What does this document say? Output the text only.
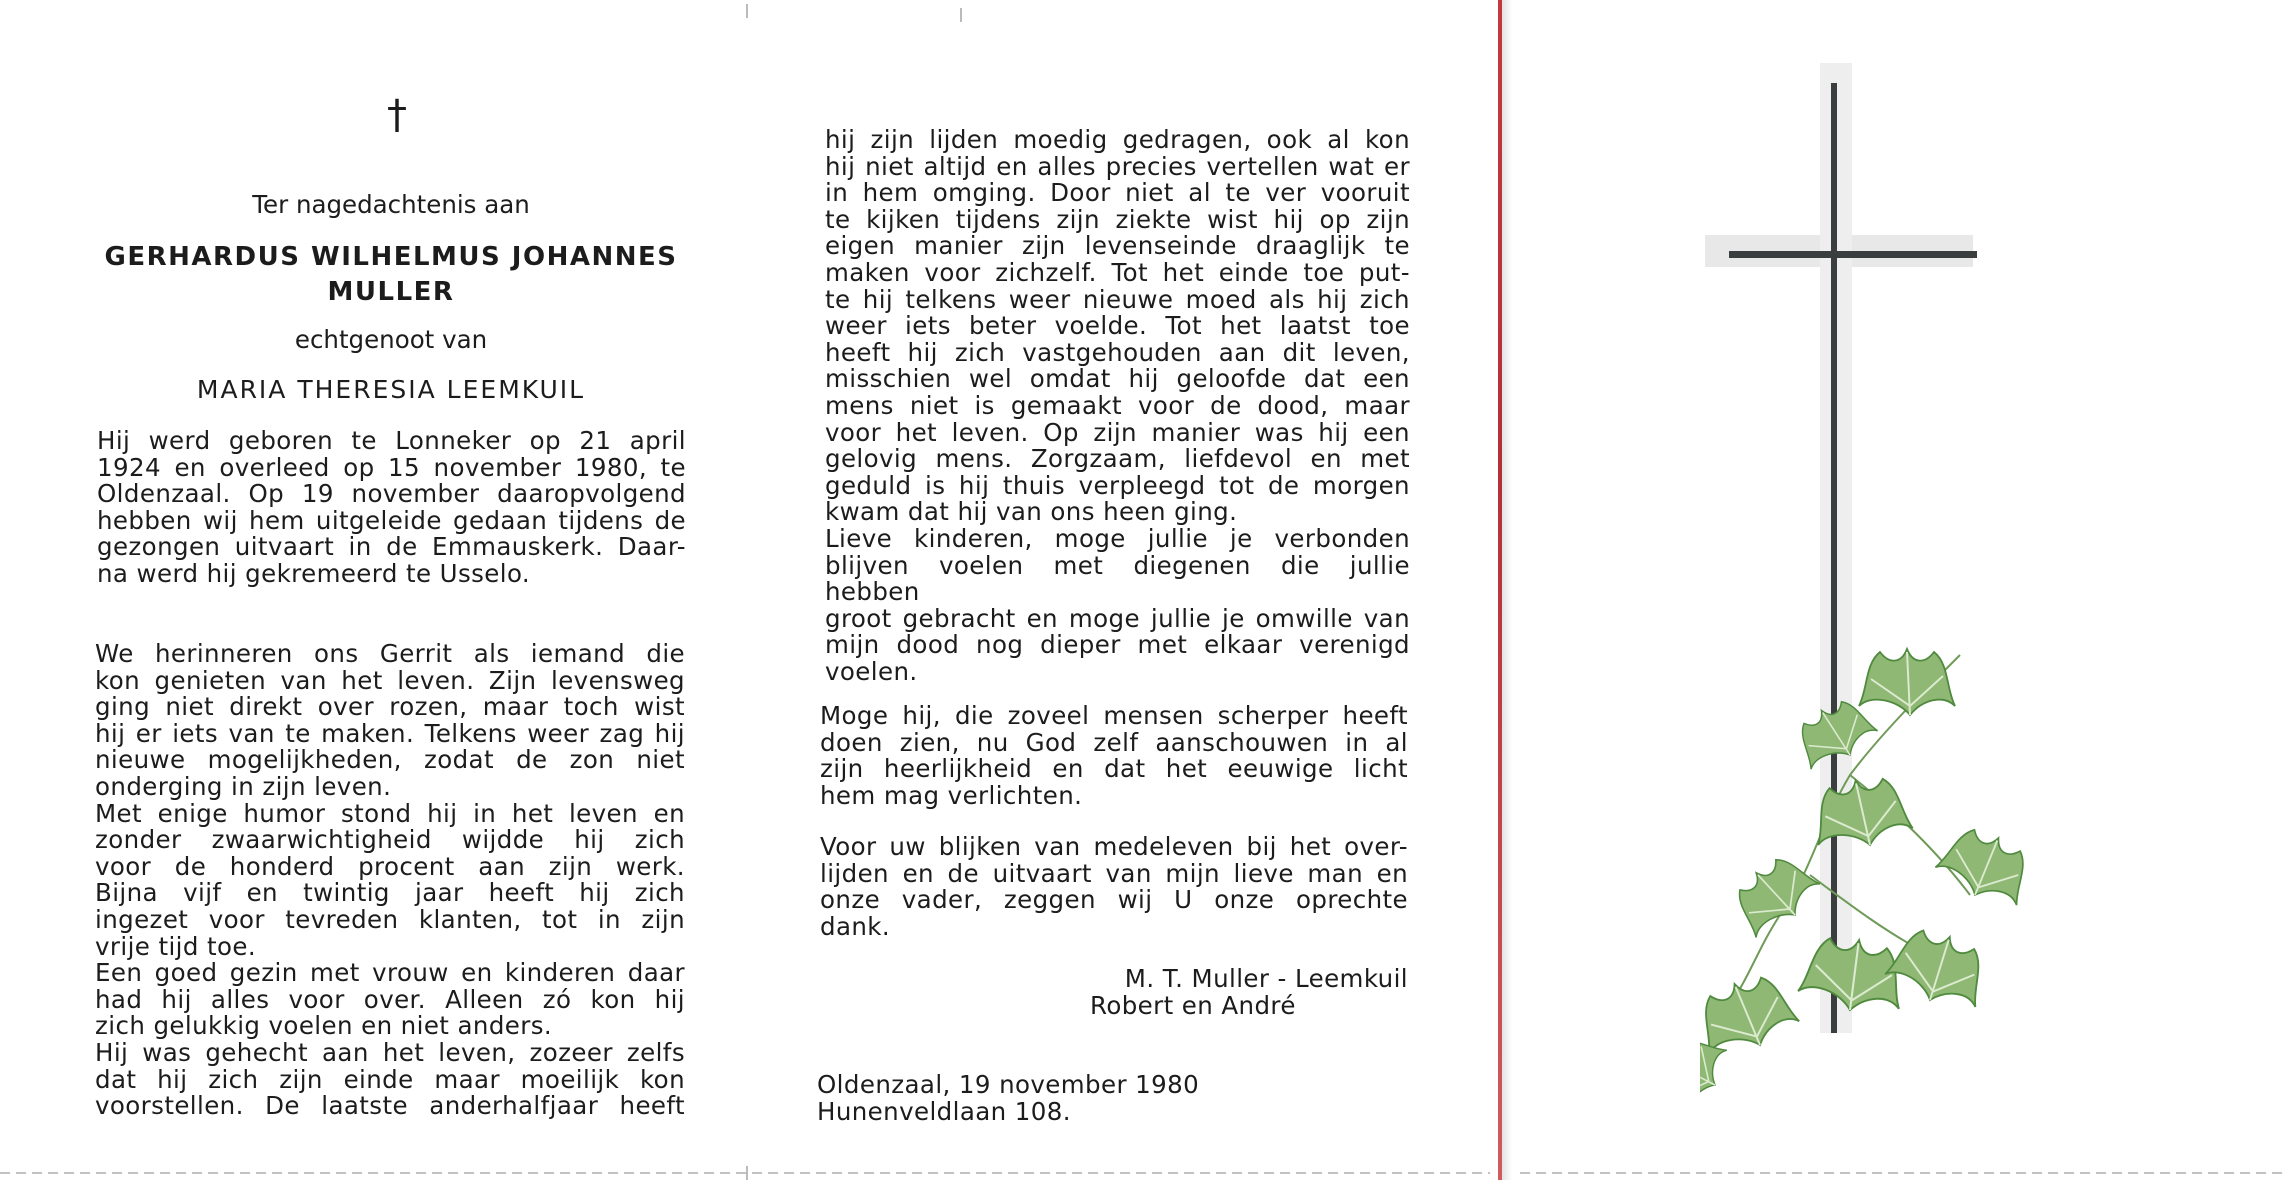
†
Ter nagedachtenis aan
GERHARDUS WILHELMUS JOHANNES
MULLER
echtgenoot van
MARIA THERESIA LEEMKUIL

Hij werd geboren te Lonneker op 21 april

1924 en overleed op 15 november 1980, te

Oldenzaal. Op 19 november daaropvolgend

hebben wij hem uitgeleide gedaan tijdens de

gezongen uitvaart in de Emmauskerk. Daar-

na werd hij gekremeerd te Usselo.

We herinneren ons Gerrit als iemand die

kon genieten van het leven. Zijn levensweg

ging niet direkt over rozen, maar toch wist

hij er iets van te maken. Telkens weer zag hij

nieuwe mogelijkheden, zodat de zon niet

onderging in zijn leven.

Met enige humor stond hij in het leven en

zonder zwaarwichtigheid wijdde hij zich

voor de honderd procent aan zijn werk.

Bijna vijf en twintig jaar heeft hij zich

ingezet voor tevreden klanten, tot in zijn

vrije tijd toe.

Een goed gezin met vrouw en kinderen daar

had hij alles voor over. Alleen zó kon hij

zich gelukkig voelen en niet anders.

Hij was gehecht aan het leven, zozeer zelfs

dat hij zich zijn einde maar moeilijk kon

voorstellen. De laatste anderhalfjaar heeft

hij zijn lijden moedig gedragen, ook al kon

hij niet altijd en alles precies vertellen wat er

in hem omging. Door niet al te ver vooruit

te kijken tijdens zijn ziekte wist hij op zijn

eigen manier zijn levenseinde draaglijk te

maken voor zichzelf. Tot het einde toe put-

te hij telkens weer nieuwe moed als hij zich

weer iets beter voelde. Tot het laatst toe

heeft hij zich vastgehouden aan dit leven,

misschien wel omdat hij geloofde dat een

mens niet is gemaakt voor de dood, maar

voor het leven. Op zijn manier was hij een

gelovig mens. Zorgzaam, liefdevol en met

geduld is hij thuis verpleegd tot de morgen

kwam dat hij van ons heen ging.

Lieve kinderen, moge jullie je verbonden

blijven voelen met diegenen die jullie

hebben

groot gebracht en moge jullie je omwille van

mijn dood nog dieper met elkaar verenigd

voelen.

Moge hij, die zoveel mensen scherper heeft

doen zien, nu God zelf aanschouwen in al

zijn heerlijkheid en dat het eeuwige licht

hem mag verlichten.

Voor uw blijken van medeleven bij het over-

lijden en de uitvaart van mijn lieve man en

onze vader, zeggen wij U onze oprechte

dank.

M. T. Muller - Leemkuil
Robert en André
Oldenzaal, 19 november 1980
Hunenveldlaan 108.
